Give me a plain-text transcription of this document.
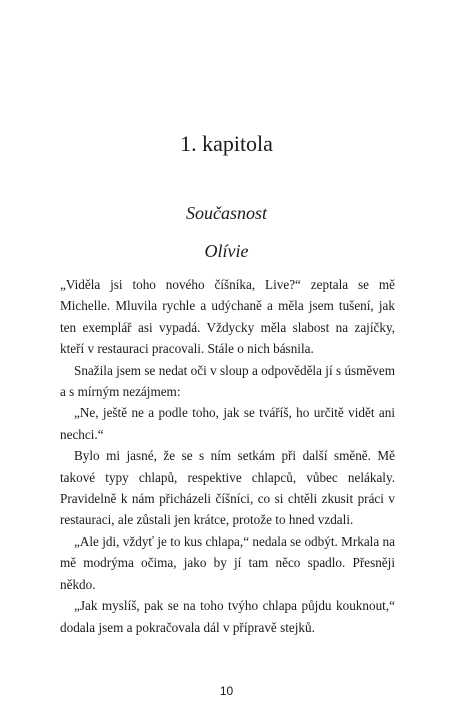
1. kapitola
Současnost
Olívie

„Viděla jsi toho nového číšníka, Live?“ zeptala se mě Michelle. Mluvila rychle a udýchaně a měla jsem tušení, jak ten exemplář asi vypadá. Vždycky měla slabost na zajíčky, kteří v restauraci pracovali. Stále o nich básnila.

Snažila jsem se nedat oči v sloup a odpověděla jí s úsměvem a s mírným nezájmem:

„Ne, ještě ne a podle toho, jak se tváříš, ho určitě vidět ani nechci.“

Bylo mi jasné, že se s ním setkám při další směně. Mě takové typy chlapů, respektive chlapců, vůbec nelákaly. Pravidelně k nám přicházeli číšníci, co si chtěli zkusit práci v restauraci, ale zůstali jen krátce, protože to hned vzdali.

„Ale jdi, vždyť je to kus chlapa,“ nedala se odbýt. Mrkala na mě modrýma očima, jako by jí tam něco spadlo. Přesněji někdo.

„Jak myslíš, pak se na toho tvýho chlapa půjdu kouknout,“ dodala jsem a pokračovala dál v přípravě stejků.

10
